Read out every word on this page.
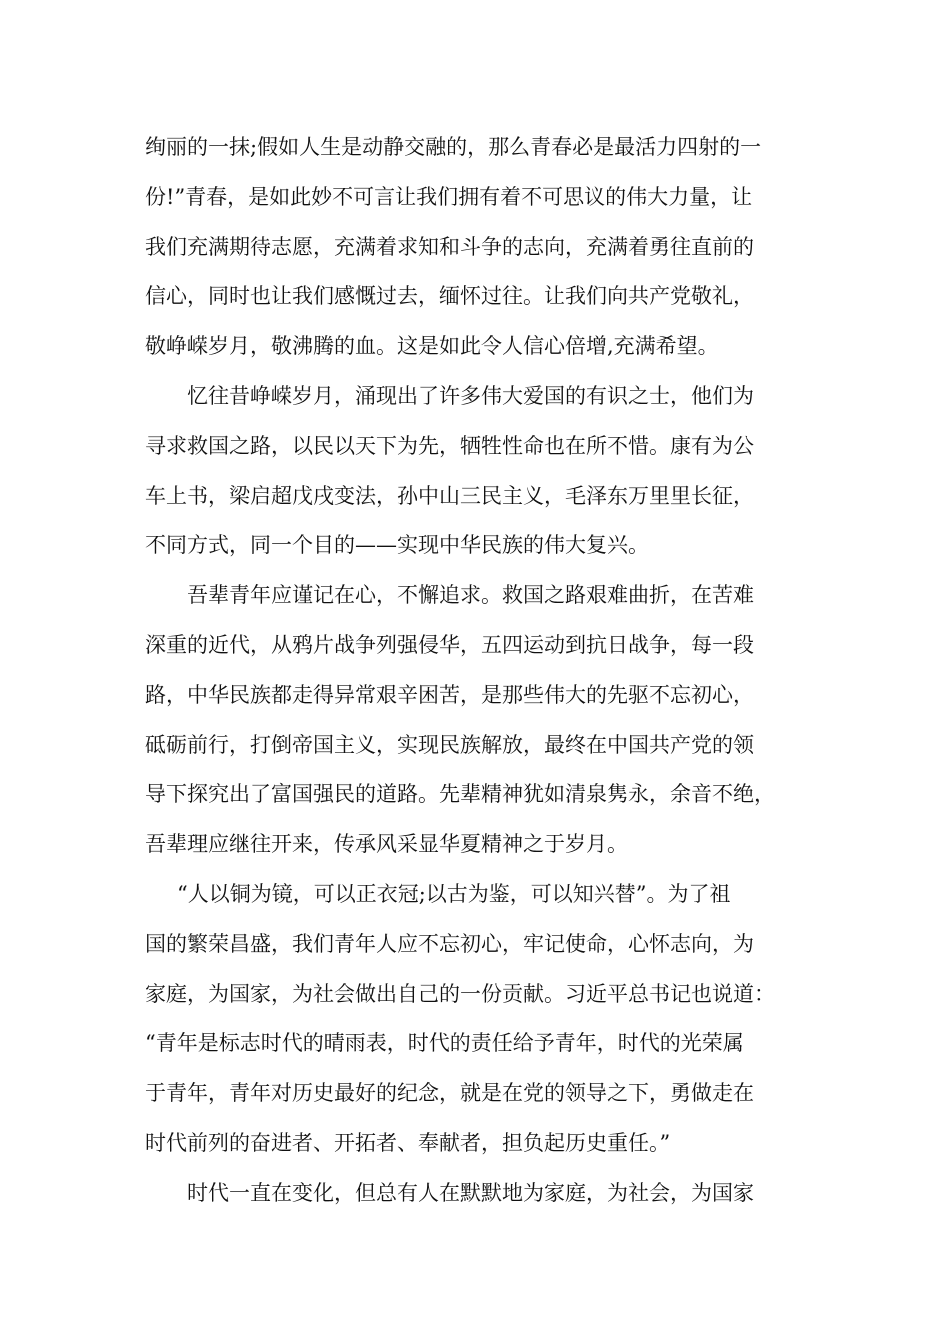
绚丽的一抹;假如人生是动静交融的，那么青春必是最活力四射的一
份!”青春，是如此妙不可言让我们拥有着不可思议的伟大力量，让
我们充满期待志愿，充满着求知和斗争的志向，充满着勇往直前的
信心，同时也让我们感慨过去，缅怀过往。让我们向共产党敬礼，
敬峥嵘岁月，敬沸腾的血。这是如此令人信心倍增,充满希望。
忆往昔峥嵘岁月，涌现出了许多伟大爱国的有识之士，他们为
寻求救国之路，以民以天下为先，牺牲性命也在所不惜。康有为公
车上书，梁启超戊戌变法，孙中山三民主义，毛泽东万里里长征，
不同方式，同一个目的——实现中华民族的伟大复兴。
吾辈青年应谨记在心，不懈追求。救国之路艰难曲折，在苦难
深重的近代，从鸦片战争列强侵华，五四运动到抗日战争，每一段
路，中华民族都走得异常艰辛困苦，是那些伟大的先驱不忘初心，
砥砺前行，打倒帝国主义，实现民族解放，最终在中国共产党的领
导下探究出了富国强民的道路。先辈精神犹如清泉隽永，余音不绝，
吾辈理应继往开来，传承风采显华夏精神之于岁月。
“人以铜为镜，可以正衣冠;以古为鉴，可以知兴替”。为了祖
国的繁荣昌盛，我们青年人应不忘初心，牢记使命，心怀志向，为
家庭，为国家，为社会做出自己的一份贡献。习近平总书记也说道：
“青年是标志时代的晴雨表，时代的责任给予青年，时代的光荣属
于青年，青年对历史最好的纪念，就是在党的领导之下，勇做走在
时代前列的奋进者、开拓者、奉献者，担负起历史重任。”
时代一直在变化，但总有人在默默地为家庭，为社会，为国家
